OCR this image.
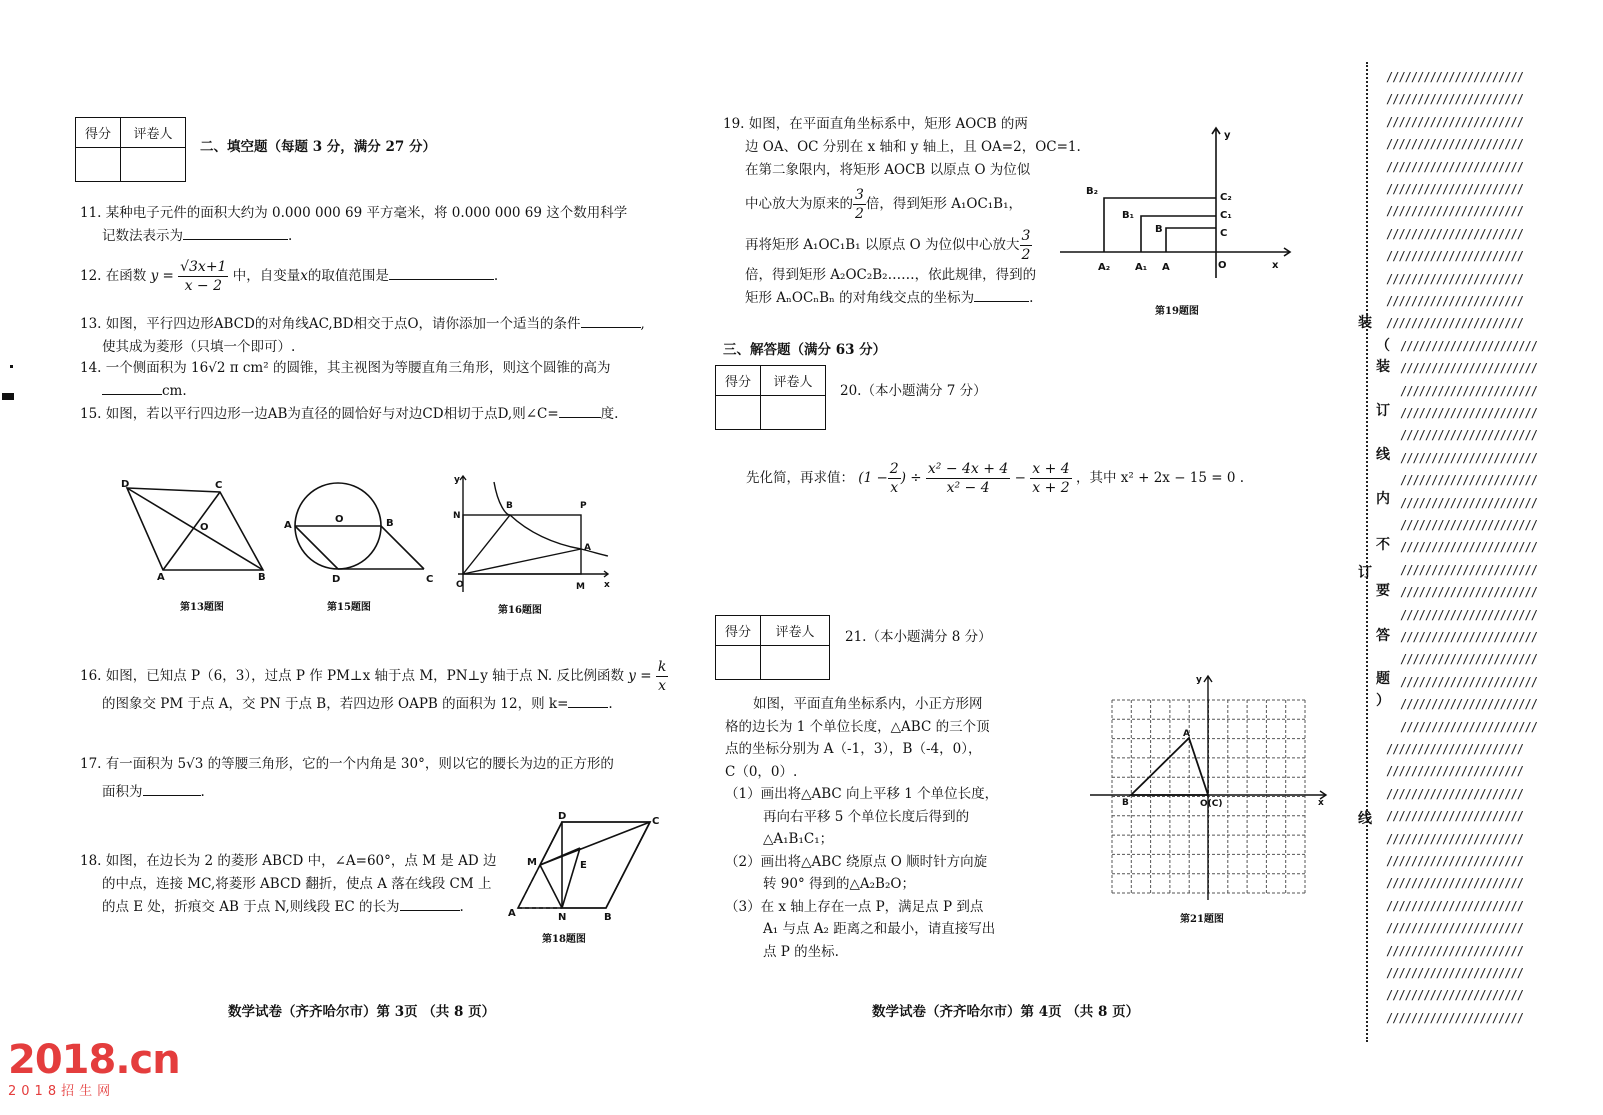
得分	评卷人

二、填空题（每题 3 分，满分 27 分）
11. 某种电子元件的面积大约为 0.000 000 69 平方毫米，将 0.000 000 69 这个数用科学
记数法表示为	.
12. 在函数 $y = \frac{√3x+1}{x - 2}$ 中，自变量x的取值范围是	.
13. 如图，平行四边形ABCD的对角线AC,BD相交于点O，请你添加一个适当的条件	,
使其成为菱形（只填一个即可）.
14. 一个侧面积为 16√2 π cm² 的圆锥，其主视图为等腰直角三角形，则这个圆锥的高为
cm.
15. 如图，若以平行四边形一边AB为直径的圆恰好与对边CD相切于点D,则∠C=	度.
D	C
O
A	B
第13题图
A
O	B
D	C
第15题图
y
N
B	P
A
O	M x
第16题图
16. 如图，已知点 P（6，3），过点 P 作 PM⊥x 轴于点 M，PN⊥y 轴于点 N. 反比例函数 $y = \frac{k}{x}$
的图象交 PM 于点 A，交 PN 于点 B，若四边形 OAPB 的面积为 12，则 k=	.
17. 有一面积为 5√3 的等腰三角形，它的一个内角是 30°，则以它的腰长为边的正方形的
面积为	.
18. 如图，在边长为 2 的菱形 ABCD 中，∠A=60°，点 M 是 AD 边
的中点，连接 MC,将菱形 ABCD 翻折，使点 A 落在线段 CM 上
的点 E 处，折痕交 AB 于点 N,则线段 EC 的长为	.
D	C
M	E
A	N	B
第18题图
数学试卷（齐齐哈尔市）第 3页 （共 8 页）
19. 如图，在平面直角坐标系中，矩形 AOCB 的两
边 OA、OC 分别在 x 轴和 y 轴上，且 OA=2，OC=1.
在第二象限内，将矩形 AOCB 以原点 O 为位似
中心放大为原来的 $\frac{3}{2}$ 倍，得到矩形 A₁OC₁B₁，
再将矩形 A₁OC₁B₁ 以原点 O 为位似中心放大 $\frac{3}{2}$
倍，得到矩形 A₂OC₂B₂……，依此规律，得到的
矩形 AₙOCₙBₙ 的对角线交点的坐标为	.
y
B₂
B₁
B
C₂
C₁
C
A₂ A₁ A	O	x
第19题图
三、解答题（满分 63 分）
得分	评卷人

20.（本小题满分 7 分）
先化简，再求值： ($1 - \frac{2}{x}$ ) ÷ $\frac{\text{x² − 4x + 4}}{\text{x² − 4}} - \frac{x + 4}{x + 2}$ ，其中 x² + 2x − 15 = 0 .
得分	评卷人
	21.（本小题满分 8 分）
如图，平面直角坐标系内，小正方形网
格的边长为 1 个单位长度，△ABC 的三个顶
点的坐标分别为 A（-1，3），B（-4，0），
C（0，0）.
（1）画出将△ABC 向上平移 1 个单位长度，
再向右平移 5 个单位长度后得到的
△A₁B₁C₁；
（2）画出将△ABC 绕原点 O 顺时针方向旋
转 90° 得到的△A₂B₂O；
（3）在 x 轴上存在一点 P，满足点 P 到点
A₁ 与点 A₂ 距离之和最小，请直接写出
点 P 的坐标.
y
A
B	O(C)	x
第21题图
数学试卷（齐齐哈尔市）第 4页 （共 8 页）
//////////////////////
//////////////////////
//////////////////////
//////////////////////
//////////////////////
//////////////////////
//////////////////////
//////////////////////
//////////////////////
//////////////////////
//////////////////////
//////////////////////
//////////////////////
//////////////////////
//////////////////////
//////////////////////
//////////////////////
//////////////////////
//////////////////////
//////////////////////
//////////////////////
//////////////////////
//////////////////////
//////////////////////
//////////////////////
//////////////////////
//////////////////////
//////////////////////
//////////////////////
//////////////////////
//////////////////////
//////////////////////
//////////////////////
//////////////////////
//////////////////////
//////////////////////
//////////////////////
//////////////////////
//////////////////////
//////////////////////
//////////////////////
//////////////////////
//////////////////////
装
（
装
订
线
内
不
要
答
题
）
订
线
2018.cn
2018招生网
